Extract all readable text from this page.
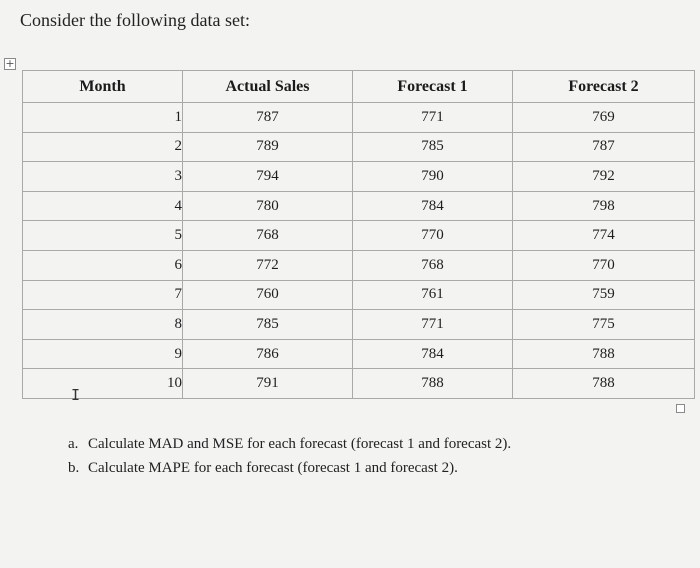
Consider the following data set:
+
Month	Actual Sales	Forecast 1	Forecast 2
1	787	771	769
2	789	785	787
3	794	790	792
4	780	784	798
5	768	770	774
6	772	768	770
7	760	761	759
8	785	771	775
9	786	784	788
10	791	788	788
I
a. Calculate MAD and MSE for each forecast (forecast 1 and forecast 2).
b. Calculate MAPE for each forecast (forecast 1 and forecast 2).
